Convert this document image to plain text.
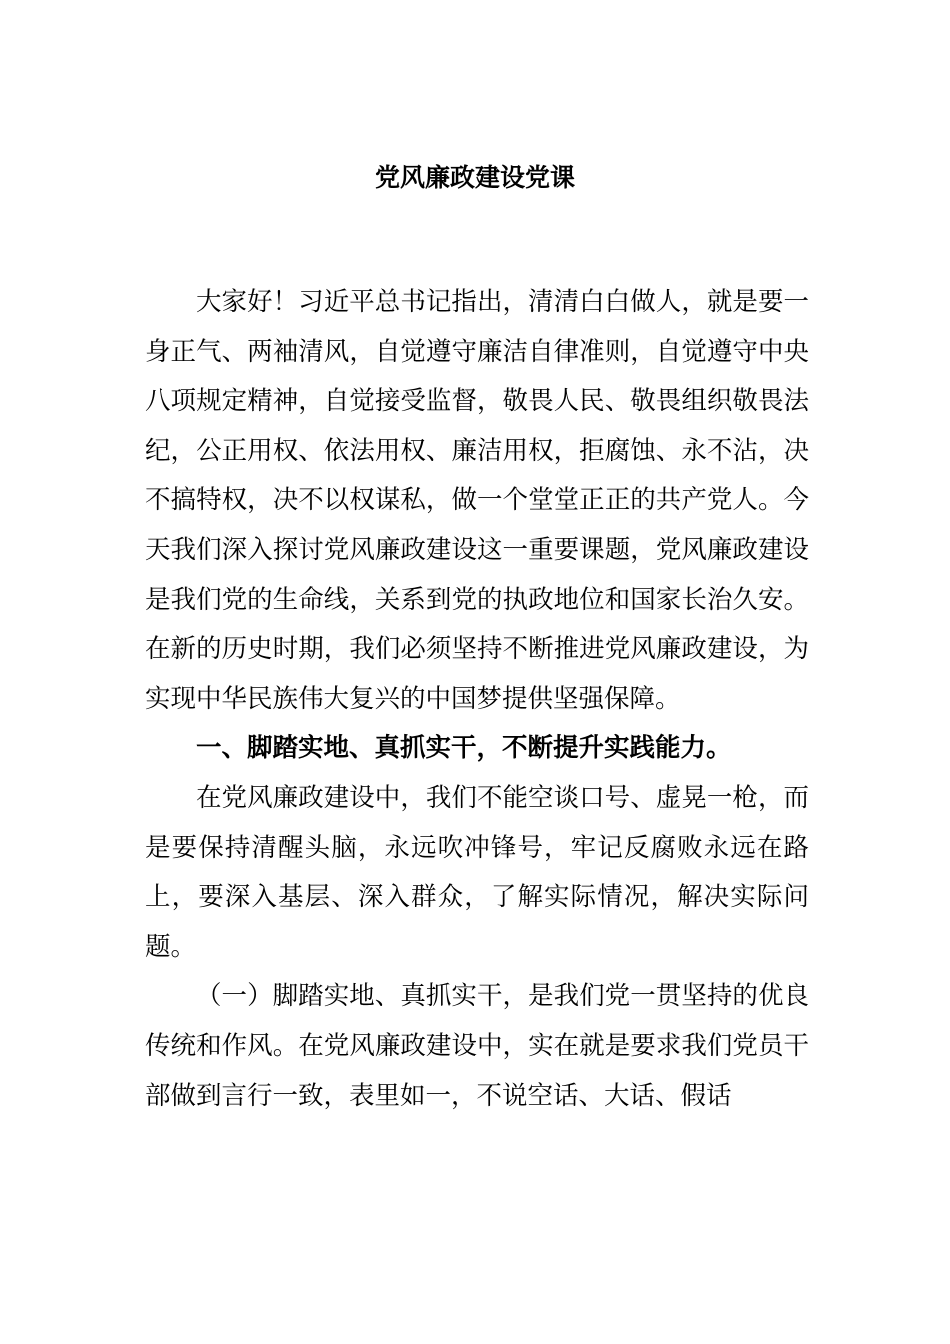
党风廉政建设党课

大家好！习近平总书记指出，清清白白做人，就是要一身正气、两袖清风，自觉遵守廉洁自律准则，自觉遵守中央八项规定精神，自觉接受监督，敬畏人民、敬畏组织敬畏法纪，公正用权、依法用权、廉洁用权，拒腐蚀、永不沾，决不搞特权，决不以权谋私，做一个堂堂正正的共产党人。今天我们深入探讨党风廉政建设这一重要课题，党风廉政建设是我们党的生命线，关系到党的执政地位和国家长治久安。在新的历史时期，我们必须坚持不断推进党风廉政建设，为实现中华民族伟大复兴的中国梦提供坚强保障。

一、脚踏实地、真抓实干，不断提升实践能力。

在党风廉政建设中，我们不能空谈口号、虚晃一枪，而是要保持清醒头脑，永远吹冲锋号，牢记反腐败永远在路上，要深入基层、深入群众，了解实际情况，解决实际问题。

（一）脚踏实地、真抓实干，是我们党一贯坚持的优良传统和作风。在党风廉政建设中，实在就是要求我们党员干部做到言行一致，表里如一，不说空话、大话、假话
